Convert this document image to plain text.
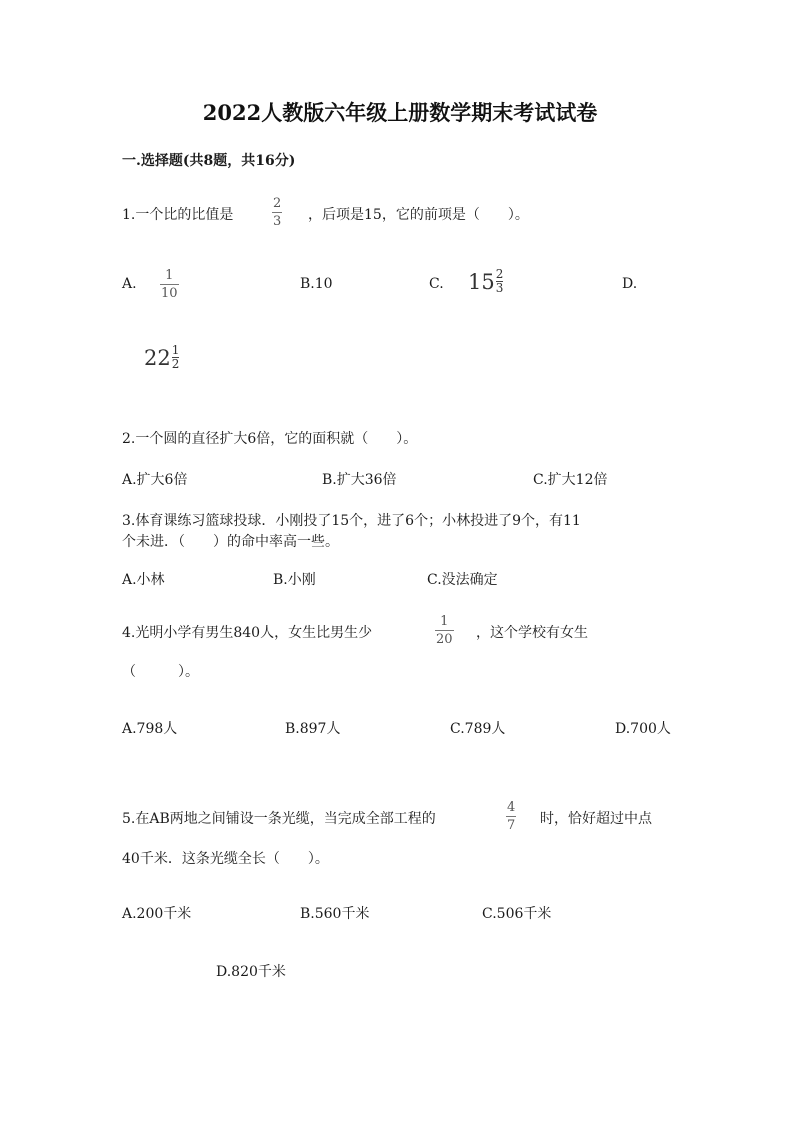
2022人教版六年级上册数学期末考试试卷
一.选择题(共8题，共16分)
1.一个比的比值是
2
3 ，后项是15，它的前项是（　　）。
A.
1
10
B.10	C. $15 \frac{2}{3}$	D.
$22 \frac{1}{2}$
2.一个圆的直径扩大6倍，它的面积就（　　）。
A.扩大6倍	B.扩大36倍	C.扩大12倍
3.体育课练习篮球投球．小刚投了15个，进了6个；小林投进了9个，有11
个未进．（　　）的命中率高一些。
A.小林	B.小刚	C.没法确定
4.光明小学有男生840人，女生比男生少
1
20 ，这个学校有女生
（　　　）。
A.798人	B.897人	C.789人	D.700人
5.在AB两地之间铺设一条光缆，当完成全部工程的
4
7 时，恰好超过中点
40千米．这条光缆全长（　　）。
A.200千米	B.560千米	C.506千米
D.820千米
